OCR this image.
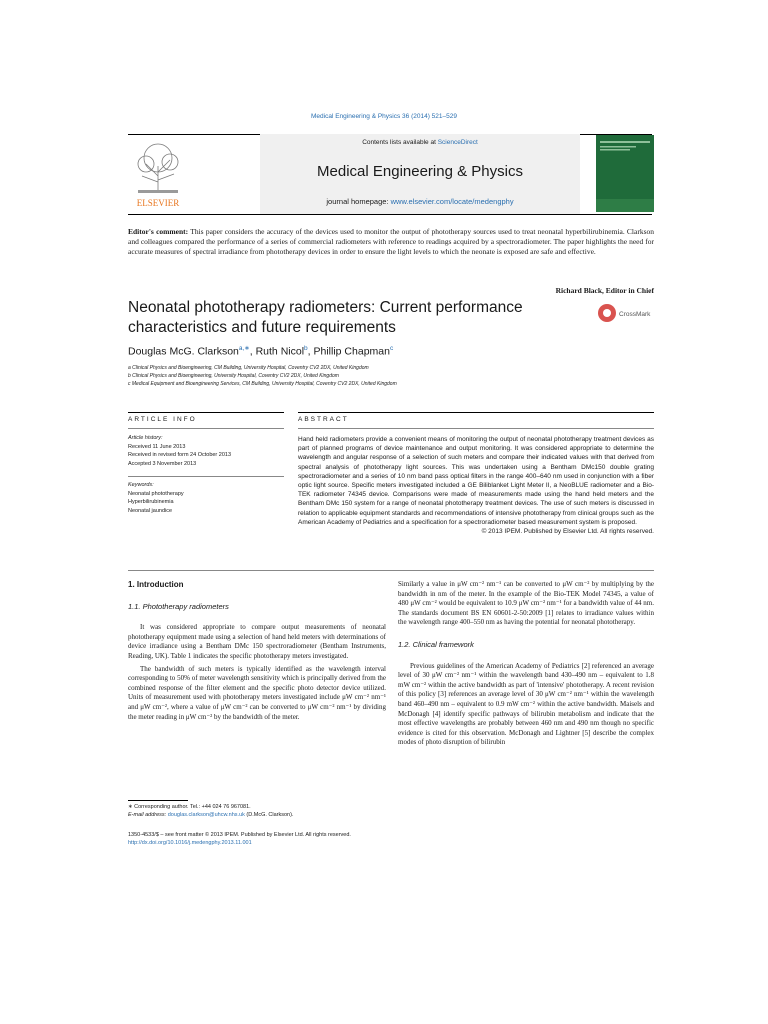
Medical Engineering & Physics 36 (2014) 521–529
ELSEVIER
Contents lists available at ScienceDirect
Medical Engineering & Physics
journal homepage: www.elsevier.com/locate/medengphy
Editor's comment: This paper considers the accuracy of the devices used to monitor the output of phototherapy sources used to treat neonatal hyperbilirubinemia. Clarkson and colleagues compared the performance of a series of commercial radiometers with reference to readings acquired by a spectroradiometer. The paper highlights the need for accurate measures of spectral irradiance from phototherapy devices in order to ensure the light levels to which the neonate is exposed are safe and effective.
Richard Black, Editor in Chief
Neonatal phototherapy radiometers: Current performance characteristics and future requirements
CrossMark
Douglas McG. Clarkson$^{a,∗}$, Ruth Nicol$^b$, Phillip Chapman$^c$
a Clinical Physics and Bioengineering, CM Building, University Hospital, Coventry CV2 2DX, United Kingdom
b Clinical Physics and Bioengineering, University Hospital, Coventry CV2 2DX, United Kingdom
c Medical Equipment and Bioengineering Services, CM Building, University Hospital, Coventry CV2 2DX, United Kingdom
ARTICLE INFO
Article history:
Received 11 June 2013
Received in revised form 24 October 2013
Accepted 3 November 2013
Keywords:
Neonatal phototherapy
Hyperbilirubinemia
Neonatal jaundice
ABSTRACT
Hand held radiometers provide a convenient means of monitoring the output of neonatal phototherapy treatment devices as part of planned programs of device maintenance and output monitoring. It was considered appropriate to determine the wavelength and angular response of a selection of such meters and compare their indicated values with that derived from spectral analysis of phototherapy light sources. This was undertaken using a Bentham DMc150 double grating spectroradiometer and a series of 10 nm band pass optical filters in the range 400–640 nm used in conjunction with a fiber optic light source. Specific meters investigated included a GE Biliblanket Light Meter II, a NeoBLUE radiometer and a Bio-TEK radiometer 74345 device. Comparisons were made of measurements made using the hand held meters and the Bentham DMc 150 system for a range of neonatal phototherapy treatment devices. The use of such meters is discussed in relation to applicable equipment standards and recommendations of intensive phototherapy from clinical groups such as the American Academy of Pediatrics and a specification for a spectroradiometer based measurement system is proposed.
© 2013 IPEM. Published by Elsevier Ltd. All rights reserved.
1. Introduction
1.1. Phototherapy radiometers

It was considered appropriate to compare output measurements of neonatal phototherapy equipment made using a selection of hand held meters with determinations of device irradiance using a Bentham DMc 150 spectroradiometer (Bentham Instruments, Reading, UK). Table 1 indicates the specific phototherapy meters investigated.

The bandwidth of such meters is typically identified as the wavelength interval corresponding to 50% of meter wavelength sensitivity which is principally derived from the combined response of the filter element and the specific photo detector device utilized. Units of measurement used with phototherapy meters investigated include μW cm⁻² nm⁻¹ and μW cm⁻², where a value of μW cm⁻² can be converted to μW cm⁻² nm⁻¹ by dividing the meter reading in μW cm⁻² by the bandwidth of the meter.

Similarly a value in μW cm⁻² nm⁻¹ can be converted to μW cm⁻² by multiplying by the bandwidth in nm of the meter. In the example of the Bio-TEK Model 74345, a value of 480 μW cm⁻² would be equivalent to 10.9 μW cm⁻² nm⁻¹ for a bandwidth value of 44 nm. The standards document BS EN 60601-2-50:2009 [1] relates to irradiance values within the wavelength range 400–550 nm as having the potential for neonatal phototherapy.

1.2. Clinical framework

Previous guidelines of the American Academy of Pediatrics [2] referenced an average level of 30 μW cm⁻² nm⁻¹ within the wavelength band 430–490 nm – equivalent to 1.8 mW cm⁻² within the active bandwidth as part of 'intensive' phototherapy. A recent revision of this policy [3] references an average level of 30 μW cm⁻² nm⁻¹ within the wavelength band 460–490 nm – equivalent to 0.9 mW cm⁻² within the active bandwidth. Maisels and McDonagh [4] identify specific pathways of bilirubin metabolism and indicate that the most effective wavelengths are probably between 460 nm and 490 nm though no specific evidence is cited for this observation. McDonagh and Lightner [5] describe the complex modes of photo disruption of bilirubin

∗ Corresponding author. Tel.: +44 024 76 967081.
E-mail address: douglas.clarkson@uhcw.nhs.uk (D.McG. Clarkson).
1350-4533/$ – see front matter © 2013 IPEM. Published by Elsevier Ltd. All rights reserved.
http://dx.doi.org/10.1016/j.medengphy.2013.11.001
